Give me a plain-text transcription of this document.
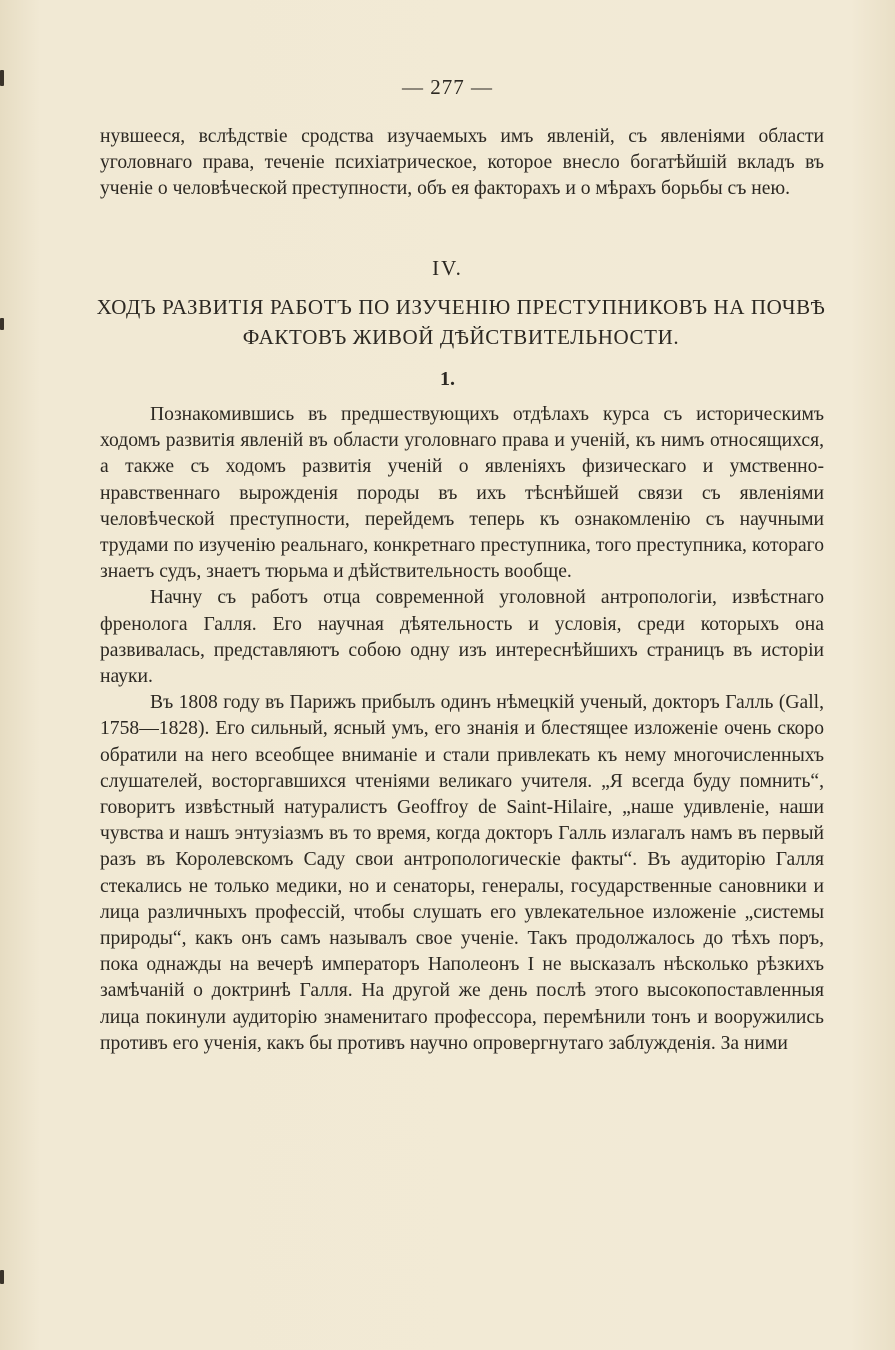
— 277 —

нувшееся, вслѣдствіе сродства изучаемыхъ имъ явленій, съ явленіями области уголовнаго права, теченіе психіатрическое, которое внесло богатѣйшій вкладъ въ ученіе о человѣческой преступности, объ ея факторахъ и о мѣрахъ борьбы съ нею.

IV.
ХОДЪ РАЗВИТІЯ РАБОТЪ ПО ИЗУЧЕНІЮ ПРЕСТУПНИКОВЪ НА ПОЧВѢ ФАКТОВЪ ЖИВОЙ ДѢЙСТВИТЕЛЬНОСТИ.
1.

Познакомившись въ предшествующихъ отдѣлахъ курса съ историческимъ ходомъ развитія явленій въ области уголовнаго права и ученій, къ нимъ относящихся, а также съ ходомъ развитія ученій о явленіяхъ физическаго и умственно-нравственнаго вырожденія породы въ ихъ тѣснѣйшей связи съ явленіями человѣческой преступности, перейдемъ теперь къ ознакомленію съ научными трудами по изученію реальнаго, конкретнаго преступника, того преступника, котораго знаетъ судъ, знаетъ тюрьма и дѣйствительность вообще.

Начну съ работъ отца современной уголовной антропологіи, извѣстнаго френолога Галля. Его научная дѣятельность и условія, среди которыхъ она развивалась, представляютъ собою одну изъ интереснѣйшихъ страницъ въ исторіи науки.

Въ 1808 году въ Парижъ прибылъ одинъ нѣмецкій ученый, докторъ Галль (Gall, 1758—1828). Его сильный, ясный умъ, его знанія и блестящее изложеніе очень скоро обратили на него всеобщее вниманіе и стали привлекать къ нему многочисленныхъ слушателей, восторгавшихся чтеніями великаго учителя. „Я всегда буду помнить“, говоритъ извѣстный натуралистъ Geoffroy de Saint-Hilaire, „наше удивленіе, наши чувства и нашъ энтузіазмъ въ то время, когда докторъ Галль излагалъ намъ въ первый разъ въ Королевскомъ Саду свои антропологическіе факты“. Въ аудиторію Галля стекались не только медики, но и сенаторы, генералы, государственные сановники и лица различныхъ профессій, чтобы слушать его увлекательное изложеніе „системы природы“, какъ онъ самъ называлъ свое ученіе. Такъ продолжалось до тѣхъ поръ, пока однажды на вечерѣ императоръ Наполеонъ I не высказалъ нѣсколько рѣзкихъ замѣчаній о доктринѣ Галля. На другой же день послѣ этого высокопоставленныя лица покинули аудиторію знаменитаго профессора, перемѣнили тонъ и вооружились противъ его ученія, какъ бы противъ научно опровергнутаго заблужденія. За ними
